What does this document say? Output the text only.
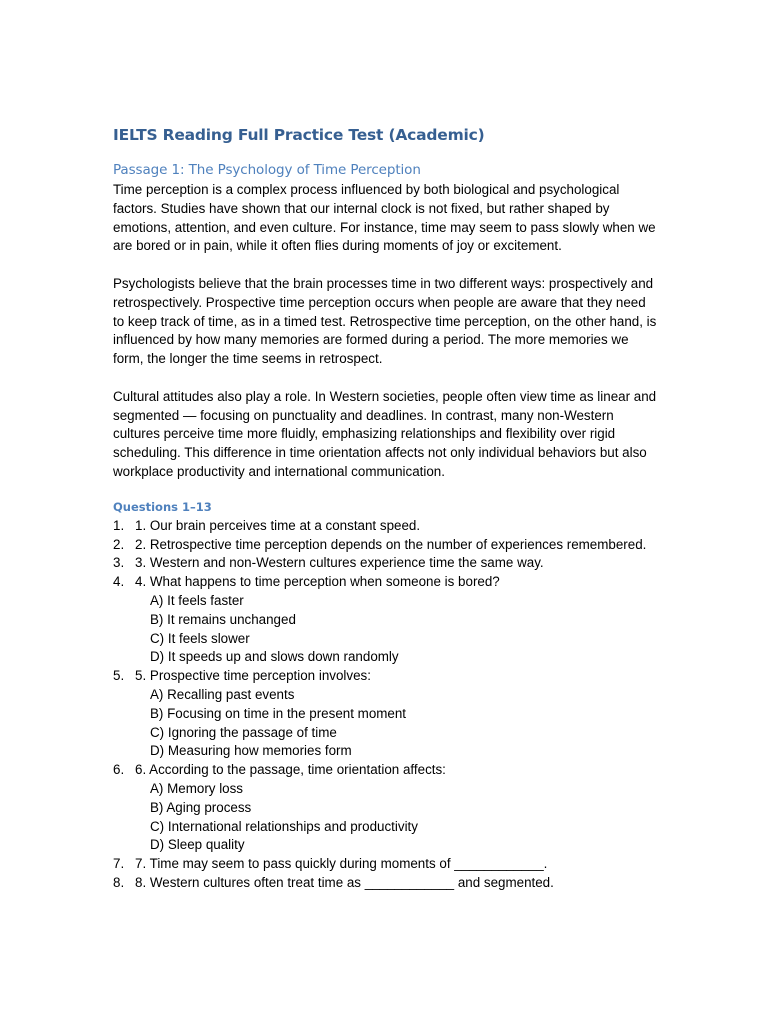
IELTS Reading Full Practice Test (Academic)
Passage 1: The Psychology of Time Perception

Time perception is a complex process influenced by both biological and psychological factors. Studies have shown that our internal clock is not fixed, but rather shaped by emotions, attention, and even culture. For instance, time may seem to pass slowly when we are bored or in pain, while it often flies during moments of joy or excitement.

Psychologists believe that the brain processes time in two different ways: prospectively and retrospectively. Prospective time perception occurs when people are aware that they need to keep track of time, as in a timed test. Retrospective time perception, on the other hand, is influenced by how many memories are formed during a period. The more memories we form, the longer the time seems in retrospect.

Cultural attitudes also play a role. In Western societies, people often view time as linear and segmented — focusing on punctuality and deadlines. In contrast, many non-Western cultures perceive time more fluidly, emphasizing relationships and flexibility over rigid scheduling. This difference in time orientation affects not only individual behaviors but also workplace productivity and international communication.

Questions 1–13
1. 1. Our brain perceives time at a constant speed.
2. 2. Retrospective time perception depends on the number of experiences remembered.
3. 3. Western and non-Western cultures experience time the same way.
4. 4. What happens to time perception when someone is bored?
A) It feels faster
B) It remains unchanged
C) It feels slower
D) It speeds up and slows down randomly
5. 5. Prospective time perception involves:
A) Recalling past events
B) Focusing on time in the present moment
C) Ignoring the passage of time
D) Measuring how memories form
6. 6. According to the passage, time orientation affects:
A) Memory loss
B) Aging process
C) International relationships and productivity
D) Sleep quality
7. 7. Time may seem to pass quickly during moments of ____________.
8. 8. Western cultures often treat time as ____________ and segmented.
